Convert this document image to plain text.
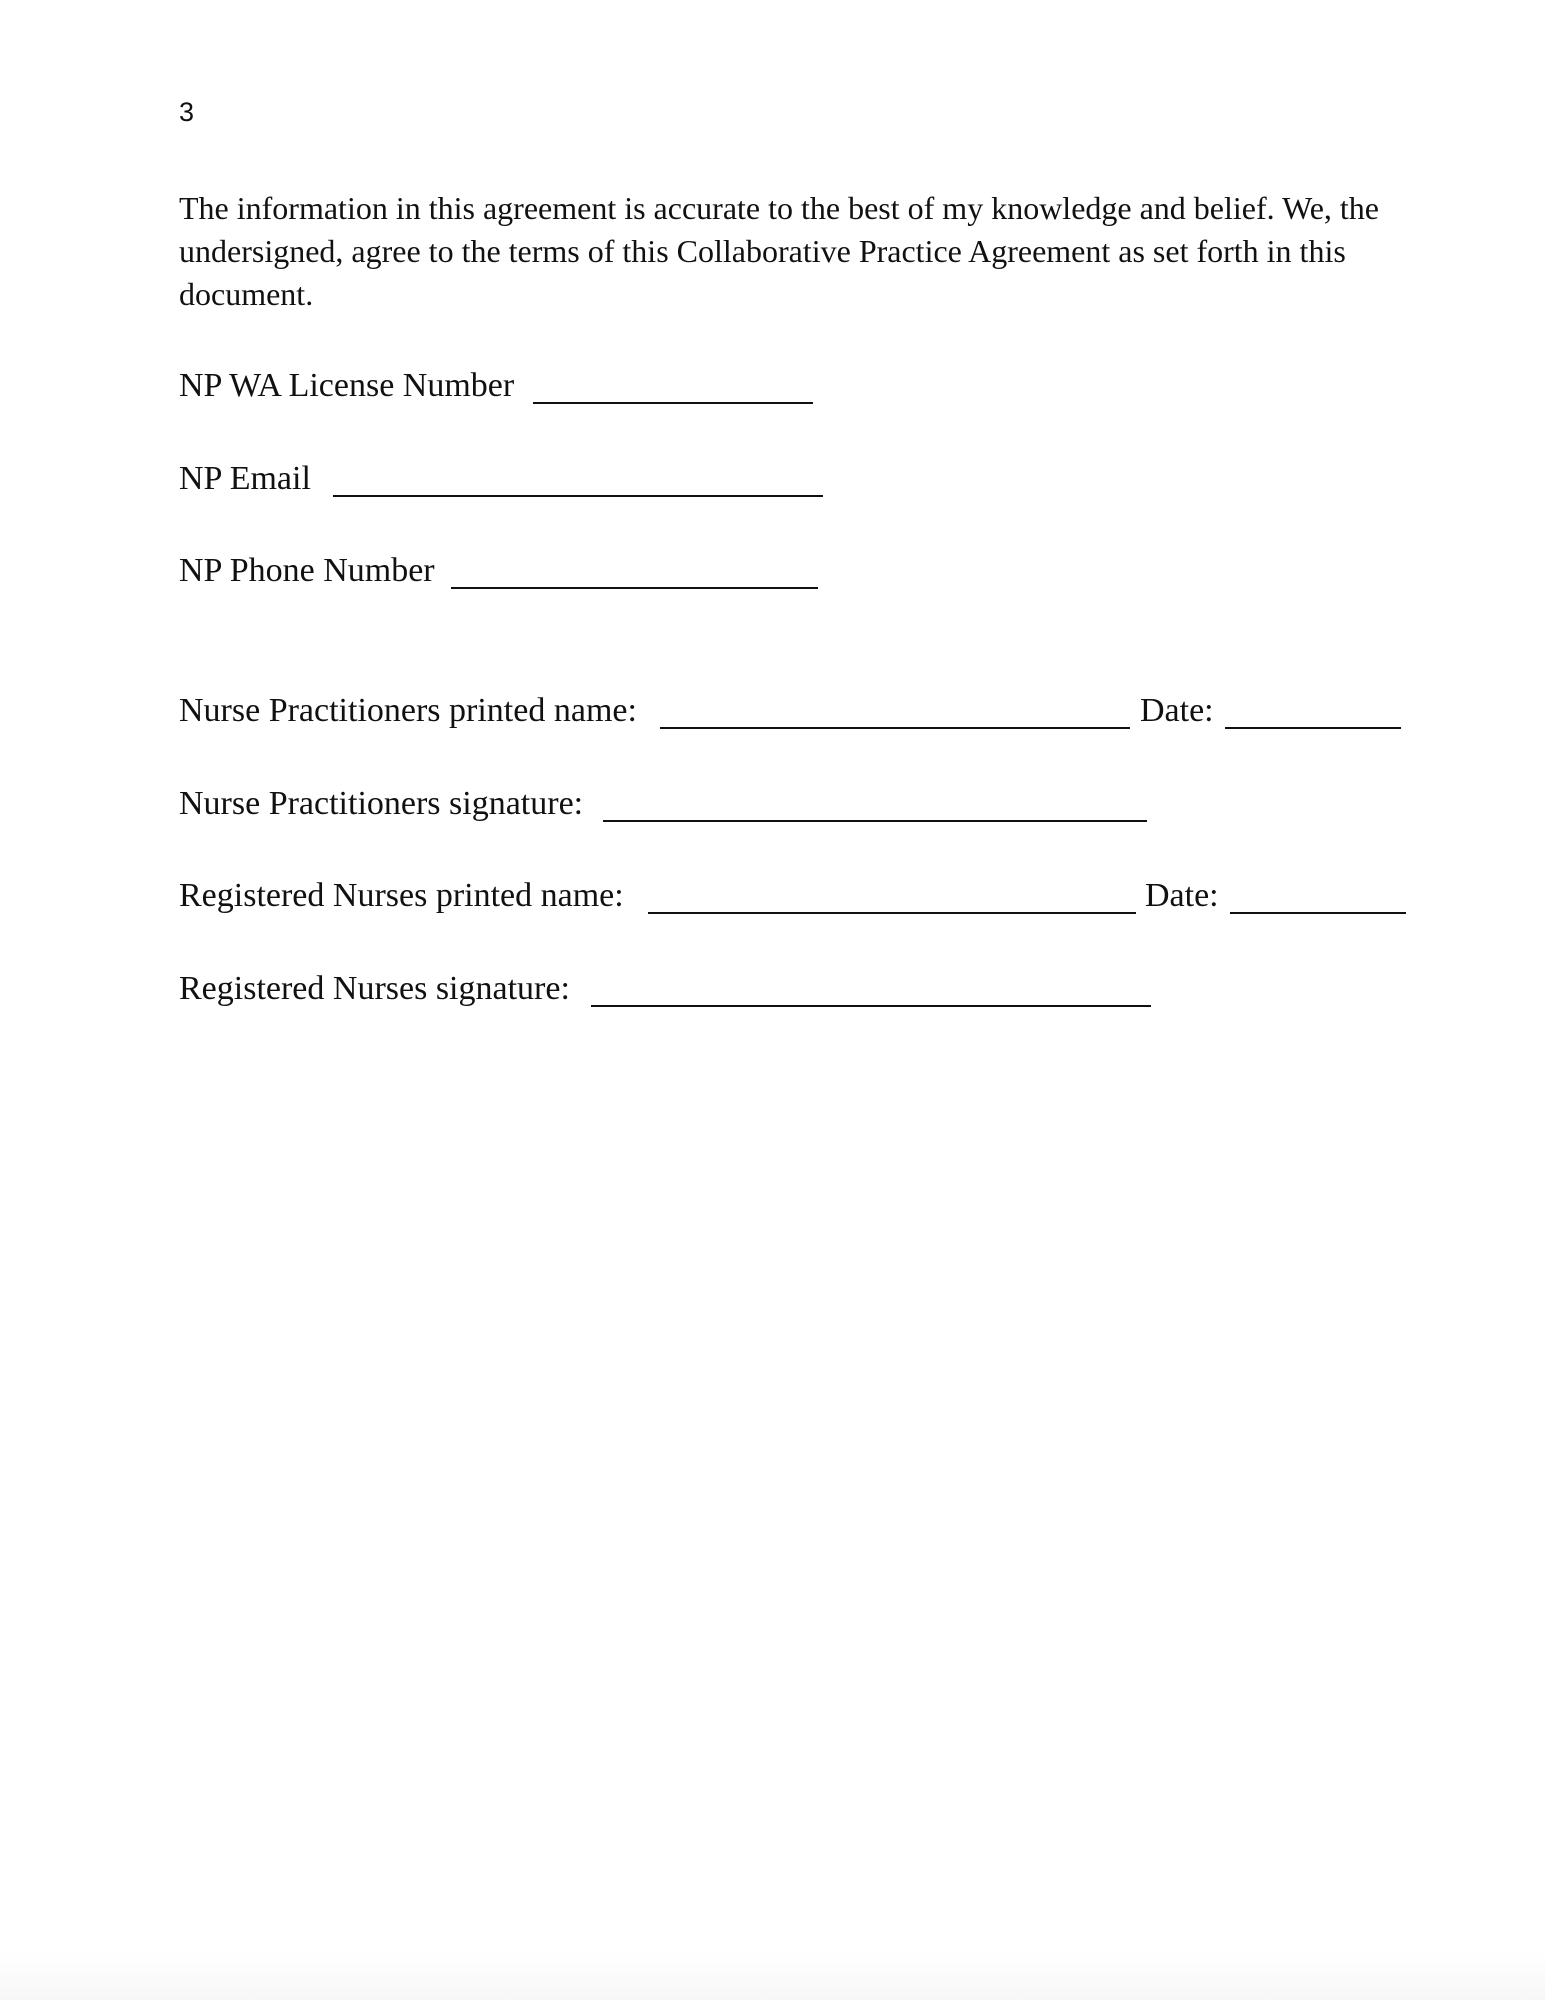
3

The information in this agreement is accurate to the best of my knowledge and belief. We, the undersigned, agree to the terms of this Collaborative Practice Agreement as set forth in this document.

NP WA License Number
NP Email
NP Phone Number
Nurse Practitioners printed name:	Date:
Nurse Practitioners signature:
Registered Nurses printed name:	Date:
Registered Nurses signature:
